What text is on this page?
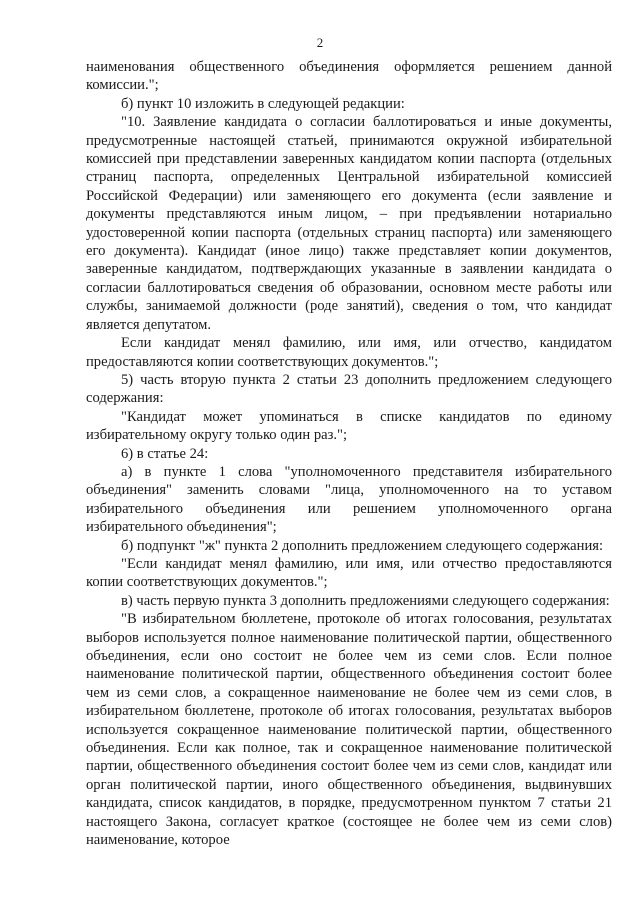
2

наименования общественного объединения оформляется решением данной комиссии.";

б) пункт 10 изложить в следующей редакции:

"10. Заявление кандидата о согласии баллотироваться и иные документы, предусмотренные настоящей статьей, принимаются окружной избирательной комиссией при представлении заверенных кандидатом копии паспорта (отдельных страниц паспорта, определенных Центральной избирательной комиссией Российской Федерации) или заменяющего его документа (если заявление и документы представляются иным лицом, – при предъявлении нотариально удостоверенной копии паспорта (отдельных страниц паспорта) или заменяющего его документа). Кандидат (иное лицо) также представляет копии документов, заверенные кандидатом, подтверждающих указанные в заявлении кандидата о согласии баллотироваться сведения об образовании, основном месте работы или службы, занимаемой должности (роде занятий), сведения о том, что кандидат является депутатом.

Если кандидат менял фамилию, или имя, или отчество, кандидатом предоставляются копии соответствующих документов.";

5) часть вторую пункта 2 статьи 23 дополнить предложением следующего содержания:

"Кандидат может упоминаться в списке кандидатов по единому избирательному округу только один раз.";

6) в статье 24:

а) в пункте 1 слова "уполномоченного представителя избирательного объединения" заменить словами "лица, уполномоченного на то уставом избирательного объединения или решением уполномоченного органа избирательного объединения";

б) подпункт "ж" пункта 2 дополнить предложением следующего содержания:

"Если кандидат менял фамилию, или имя, или отчество предоставляются копии соответствующих документов.";

в) часть первую пункта 3 дополнить предложениями следующего содержания:

"В избирательном бюллетене, протоколе об итогах голосования, результатах выборов используется полное наименование политической партии, общественного объединения, если оно состоит не более чем из семи слов. Если полное наименование политической партии, общественного объединения состоит более чем из семи слов, а сокращенное наименование не более чем из семи слов, в избирательном бюллетене, протоколе об итогах голосования, результатах выборов используется сокращенное наименование политической партии, общественного объединения. Если как полное, так и сокращенное наименование политической партии, общественного объединения состоит более чем из семи слов, кандидат или орган политической партии, иного общественного объединения, выдвинувших кандидата, список кандидатов, в порядке, предусмотренном пунктом 7 статьи 21 настоящего Закона, согласует краткое (состоящее не более чем из семи слов) наименование, которое
